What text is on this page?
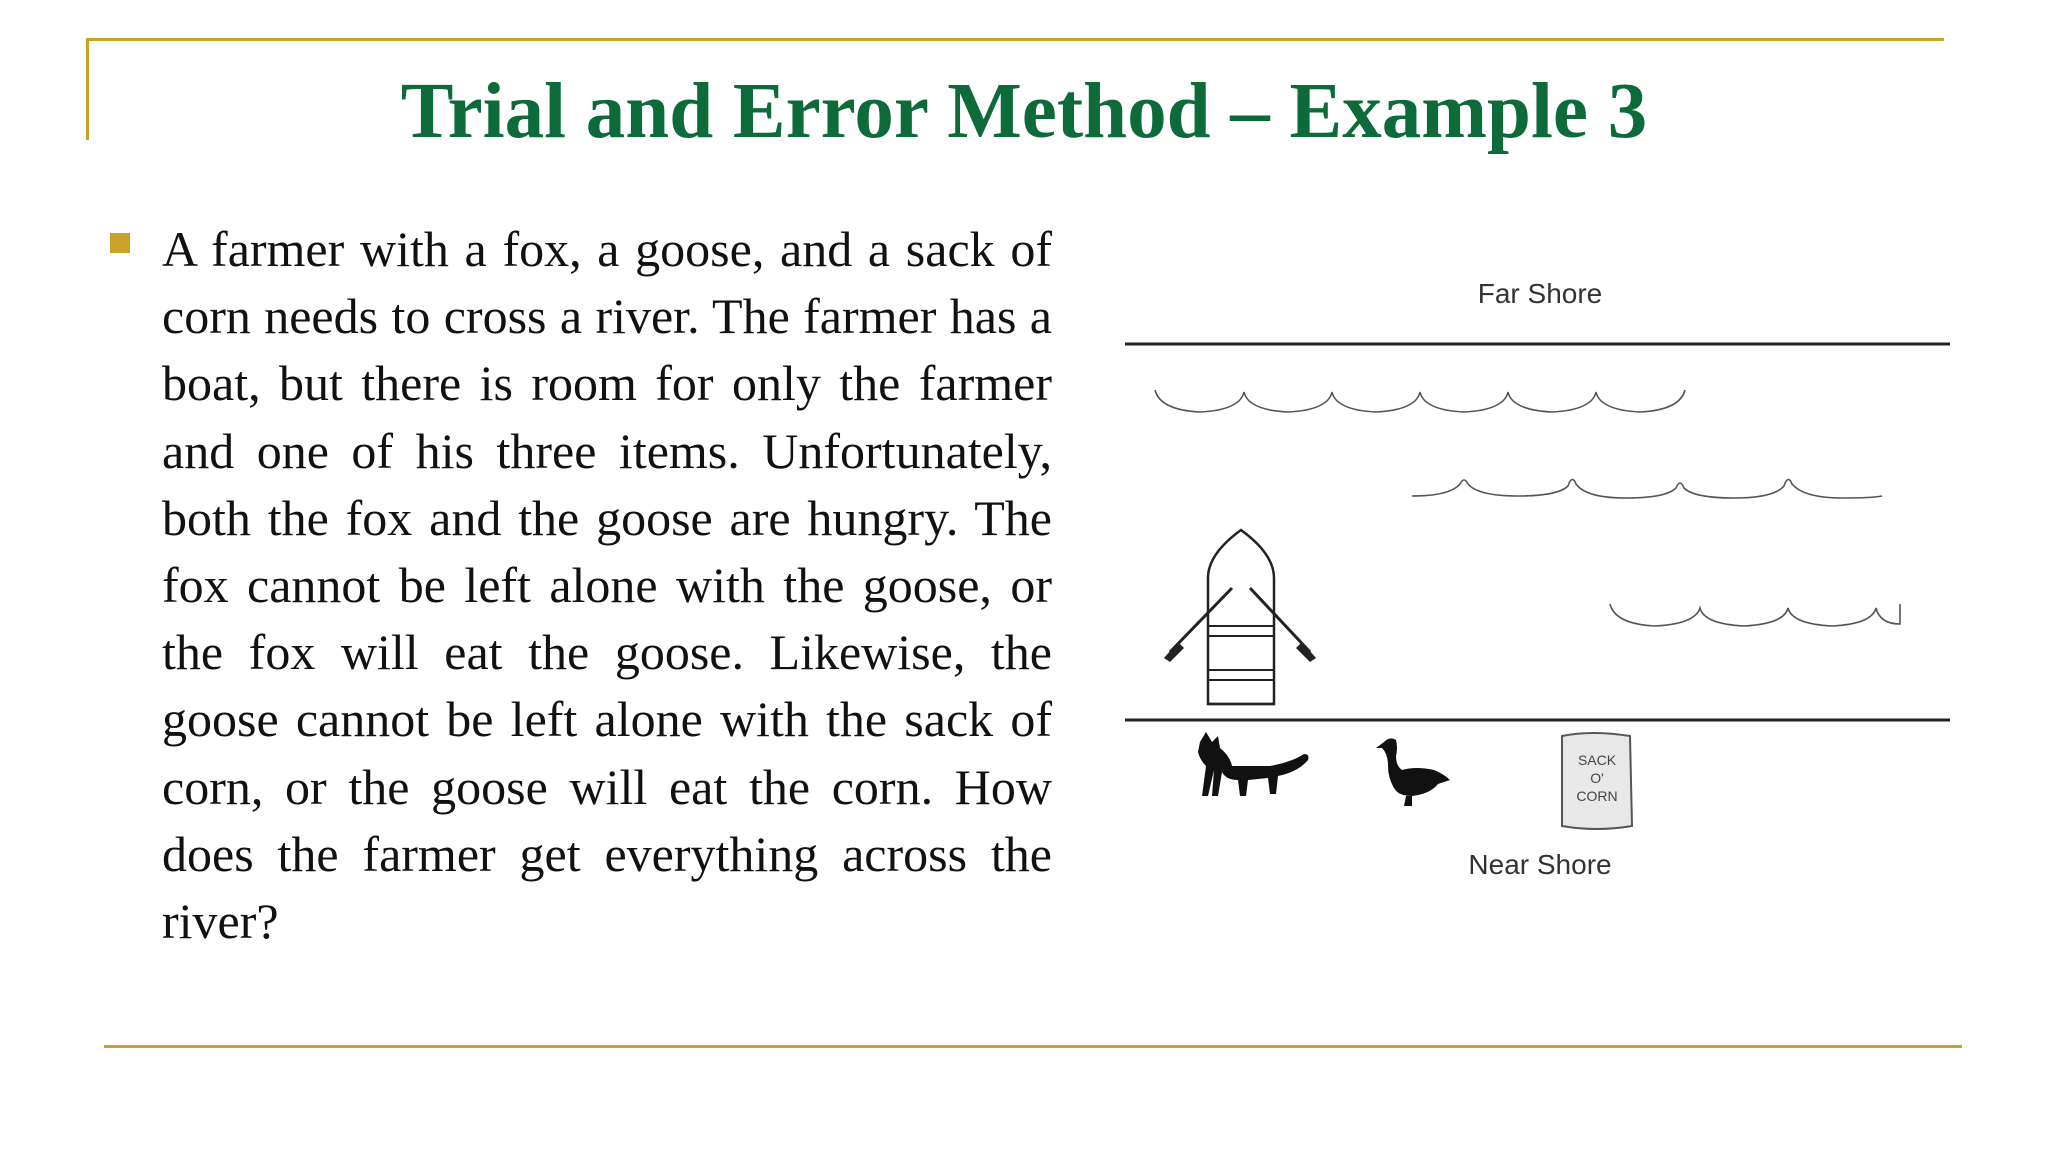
Trial and Error Method – Example 3

A farmer with a fox, a goose, and a sack of corn needs to cross a river. The farmer has a boat, but there is room for only the farmer and one of his three items. Unfortunately, both the fox and the goose are hungry. The fox cannot be left alone with the goose, or the fox will eat the goose. Likewise, the goose cannot be left alone with the sack of corn, or the goose will eat the corn. How does the farmer get everything across the river?

Far Shore
SACK
O'
CORN
Near Shore
